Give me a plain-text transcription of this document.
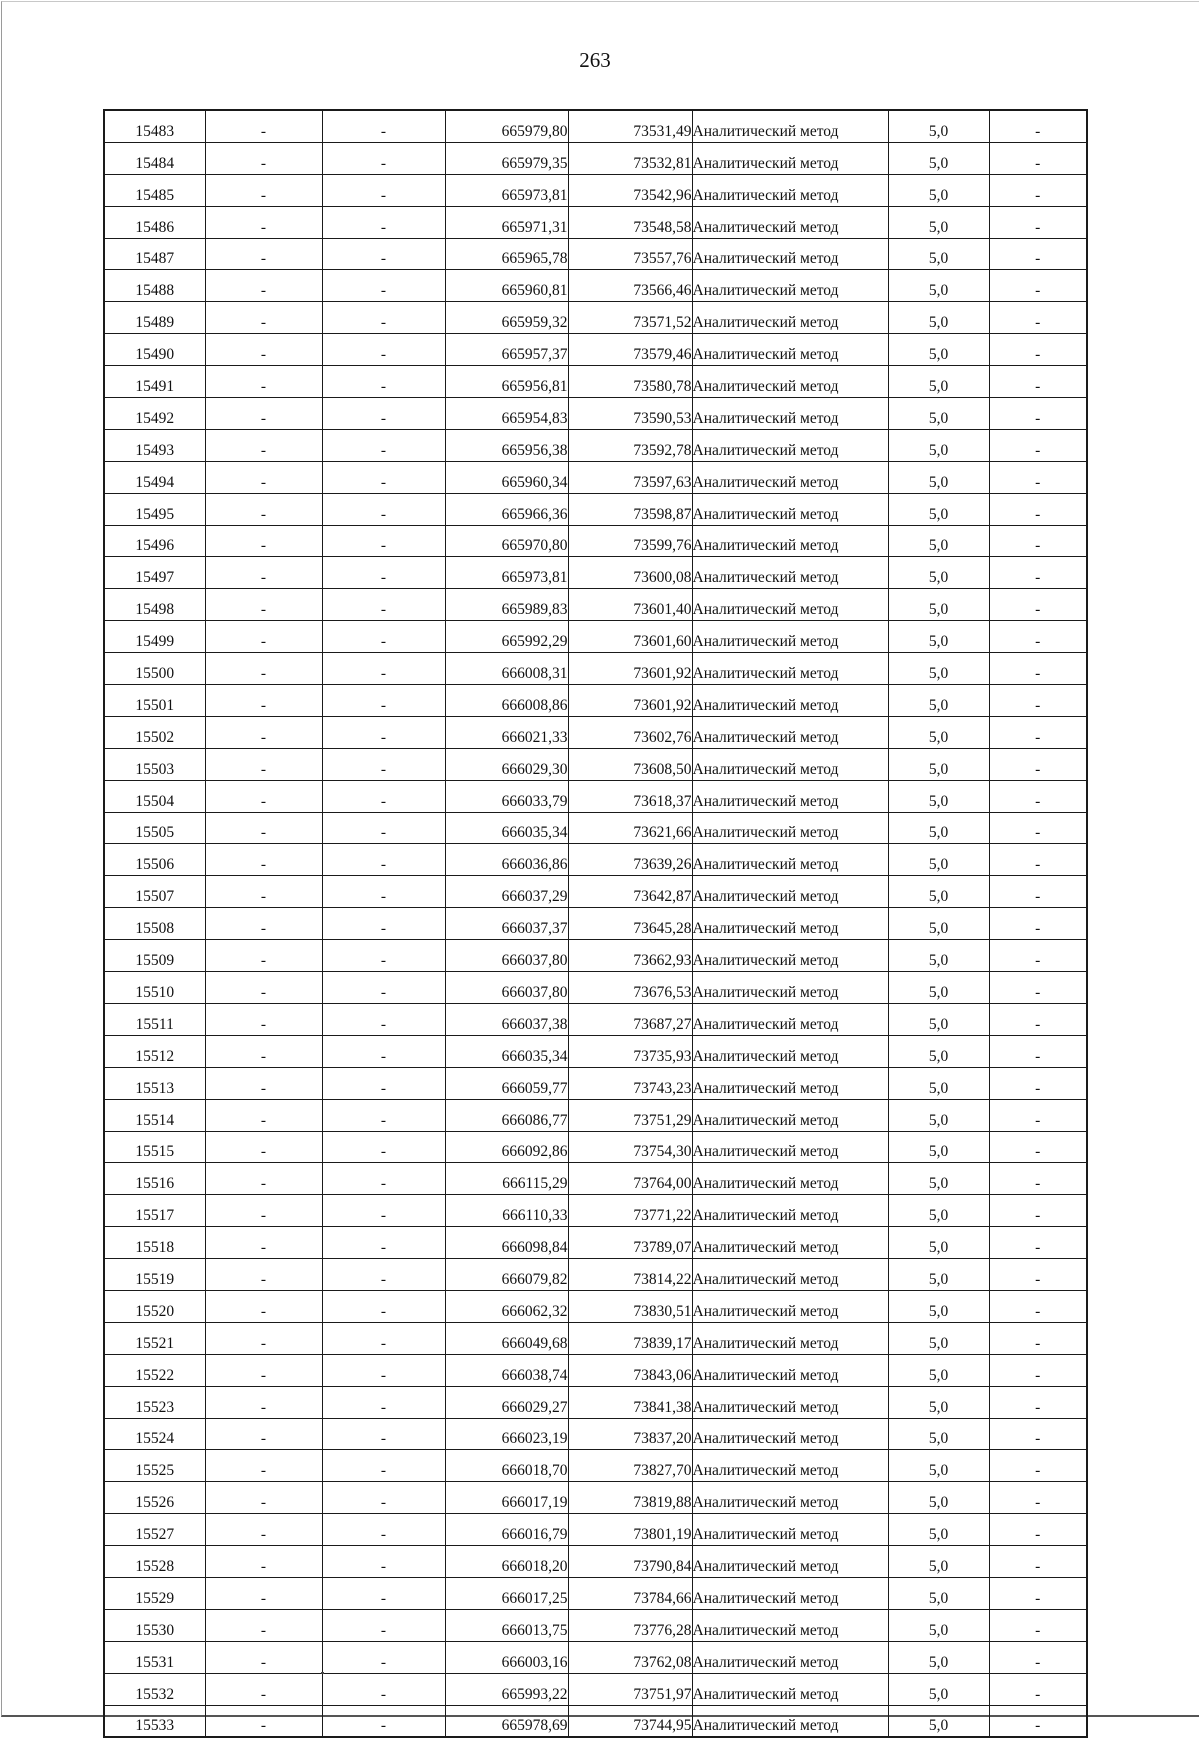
263
15483	-	-	665979,80	73531,49	Аналитический метод	5,0	-
15484	-	-	665979,35	73532,81	Аналитический метод	5,0	-
15485	-	-	665973,81	73542,96	Аналитический метод	5,0	-
15486	-	-	665971,31	73548,58	Аналитический метод	5,0	-
15487	-	-	665965,78	73557,76	Аналитический метод	5,0	-
15488	-	-	665960,81	73566,46	Аналитический метод	5,0	-
15489	-	-	665959,32	73571,52	Аналитический метод	5,0	-
15490	-	-	665957,37	73579,46	Аналитический метод	5,0	-
15491	-	-	665956,81	73580,78	Аналитический метод	5,0	-
15492	-	-	665954,83	73590,53	Аналитический метод	5,0	-
15493	-	-	665956,38	73592,78	Аналитический метод	5,0	-
15494	-	-	665960,34	73597,63	Аналитический метод	5,0	-
15495	-	-	665966,36	73598,87	Аналитический метод	5,0	-
15496	-	-	665970,80	73599,76	Аналитический метод	5,0	-
15497	-	-	665973,81	73600,08	Аналитический метод	5,0	-
15498	-	-	665989,83	73601,40	Аналитический метод	5,0	-
15499	-	-	665992,29	73601,60	Аналитический метод	5,0	-
15500	-	-	666008,31	73601,92	Аналитический метод	5,0	-
15501	-	-	666008,86	73601,92	Аналитический метод	5,0	-
15502	-	-	666021,33	73602,76	Аналитический метод	5,0	-
15503	-	-	666029,30	73608,50	Аналитический метод	5,0	-
15504	-	-	666033,79	73618,37	Аналитический метод	5,0	-
15505	-	-	666035,34	73621,66	Аналитический метод	5,0	-
15506	-	-	666036,86	73639,26	Аналитический метод	5,0	-
15507	-	-	666037,29	73642,87	Аналитический метод	5,0	-
15508	-	-	666037,37	73645,28	Аналитический метод	5,0	-
15509	-	-	666037,80	73662,93	Аналитический метод	5,0	-
15510	-	-	666037,80	73676,53	Аналитический метод	5,0	-
15511	-	-	666037,38	73687,27	Аналитический метод	5,0	-
15512	-	-	666035,34	73735,93	Аналитический метод	5,0	-
15513	-	-	666059,77	73743,23	Аналитический метод	5,0	-
15514	-	-	666086,77	73751,29	Аналитический метод	5,0	-
15515	-	-	666092,86	73754,30	Аналитический метод	5,0	-
15516	-	-	666115,29	73764,00	Аналитический метод	5,0	-
15517	-	-	666110,33	73771,22	Аналитический метод	5,0	-
15518	-	-	666098,84	73789,07	Аналитический метод	5,0	-
15519	-	-	666079,82	73814,22	Аналитический метод	5,0	-
15520	-	-	666062,32	73830,51	Аналитический метод	5,0	-
15521	-	-	666049,68	73839,17	Аналитический метод	5,0	-
15522	-	-	666038,74	73843,06	Аналитический метод	5,0	-
15523	-	-	666029,27	73841,38	Аналитический метод	5,0	-
15524	-	-	666023,19	73837,20	Аналитический метод	5,0	-
15525	-	-	666018,70	73827,70	Аналитический метод	5,0	-
15526	-	-	666017,19	73819,88	Аналитический метод	5,0	-
15527	-	-	666016,79	73801,19	Аналитический метод	5,0	-
15528	-	-	666018,20	73790,84	Аналитический метод	5,0	-
15529	-	-	666017,25	73784,66	Аналитический метод	5,0	-
15530	-	-	666013,75	73776,28	Аналитический метод	5,0	-
15531	-	-	666003,16	73762,08	Аналитический метод	5,0	-
15532	-	-	665993,22	73751,97	Аналитический метод	5,0	-
15533	-	-	665978,69	73744,95	Аналитический метод	5,0	-
